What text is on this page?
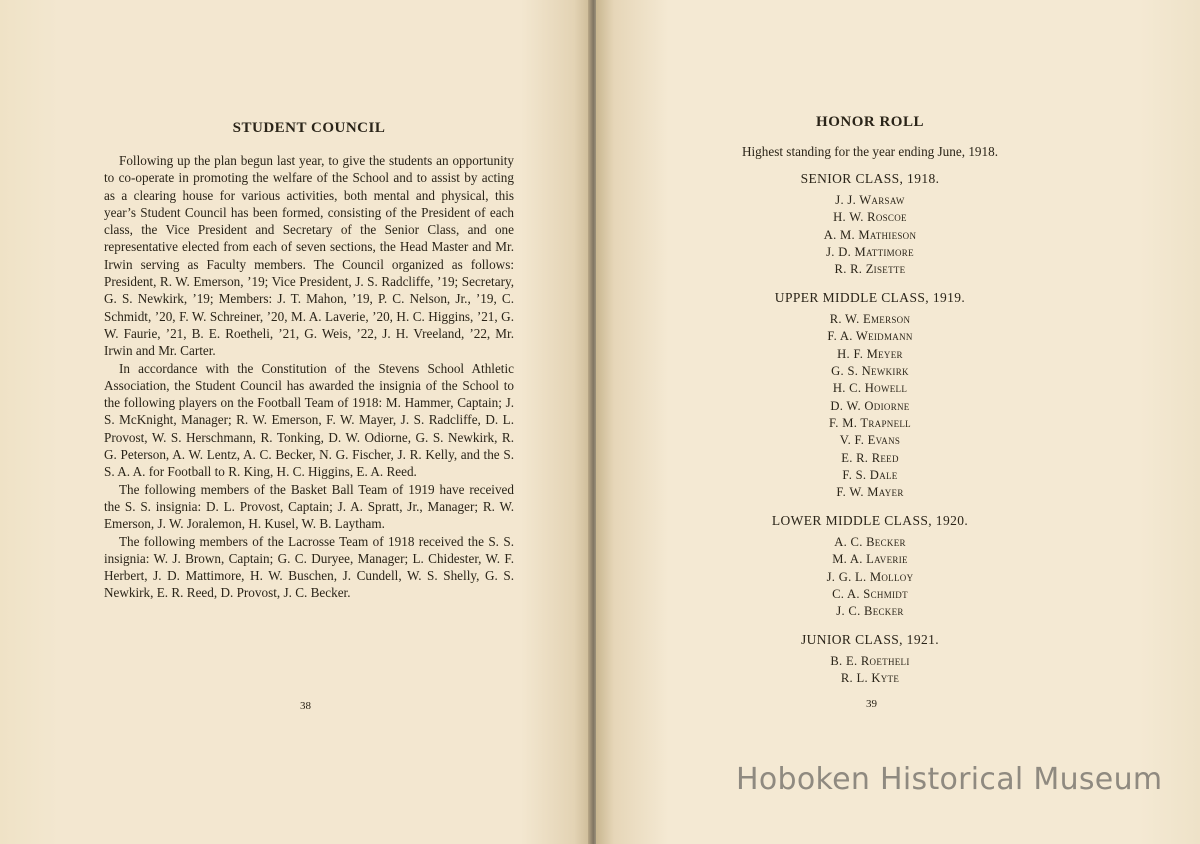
STUDENT COUNCIL

Following up the plan begun last year, to give the students an opportunity to co-operate in promoting the welfare of the School and to assist by acting as a clearing house for various activities, both mental and physical, this year’s Student Council has been formed, consisting of the President of each class, the Vice President and Secretary of the Senior Class, and one representative elected from each of seven sections, the Head Master and Mr. Irwin serving as Faculty members. The Council organized as follows: President, R. W. Emerson, ’19; Vice President, J. S. Radcliffe, ’19; Secretary, G. S. Newkirk, ’19; Members: J. T. Mahon, ’19, P. C. Nelson, Jr., ’19, C. Schmidt, ’20, F. W. Schreiner, ’20, M. A. Laverie, ’20, H. C. Higgins, ’21, G. W. Faurie, ’21, B. E. Roetheli, ’21, G. Weis, ’22, J. H. Vreeland, ’22, Mr. Irwin and Mr. Carter.

In accordance with the Constitution of the Stevens School Athletic Association, the Student Council has awarded the insignia of the School to the following players on the Football Team of 1918: M. Hammer, Captain; J. S. McKnight, Manager; R. W. Emerson, F. W. Mayer, J. S. Radcliffe, D. L. Provost, W. S. Herschmann, R. Tonking, D. W. Odiorne, G. S. Newkirk, R. G. Peterson, A. W. Lentz, A. C. Becker, N. G. Fischer, J. R. Kelly, and the S. S. A. A. for Football to R. King, H. C. Higgins, E. A. Reed.

The following members of the Basket Ball Team of 1919 have received the S. S. insignia: D. L. Provost, Captain; J. A. Spratt, Jr., Manager; R. W. Emerson, J. W. Joralemon, H. Kusel, W. B. Laytham.

The following members of the Lacrosse Team of 1918 received the S. S. insignia: W. J. Brown, Captain; G. C. Duryee, Manager; L. Chidester, W. F. Herbert, J. D. Mattimore, H. W. Buschen, J. Cundell, W. S. Shelly, G. S. Newkirk, E. R. Reed, D. Provost, J. C. Becker.

38
HONOR ROLL
Highest standing for the year ending June, 1918.
SENIOR CLASS, 1918.
J. J. Warsaw
H. W. Roscoe
A. M. Mathieson
J. D. Mattimore
R. R. Zisette
UPPER MIDDLE CLASS, 1919.
R. W. Emerson
F. A. Weidmann
H. F. Meyer
G. S. Newkirk
H. C. Howell
D. W. Odiorne
F. M. Trapnell
V. F. Evans
E. R. Reed
F. S. Dale
F. W. Mayer
LOWER MIDDLE CLASS, 1920.
A. C. Becker
M. A. Laverie
J. G. L. Molloy
C. A. Schmidt
J. C. Becker
JUNIOR CLASS, 1921.
B. E. Roetheli
R. L. Kyte
39
Hoboken Historical Museum
